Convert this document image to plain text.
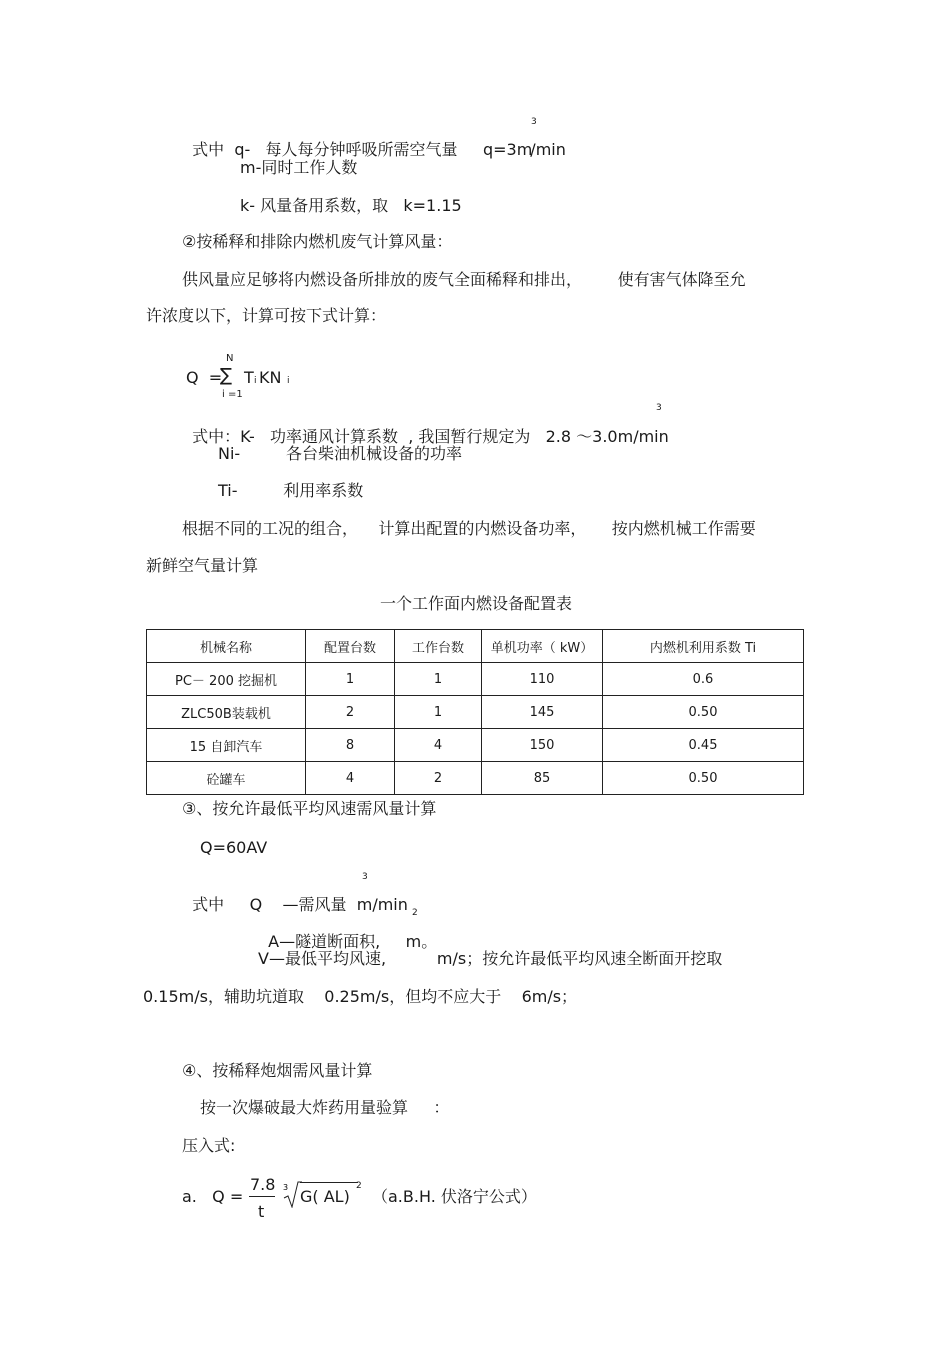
式中  q-   每人每分钟呼吸所需空气量     q=3m/min

3
m-同时工作人数
k- 风量备用系数，取   k=1.15
②按稀释和排除内燃机废气计算风量：
供风量应足够将内燃设备所排放的废气全面稀释和排出，       使有害气体降至允
许浓度以下，计算可按下式计算：
Q  =
N
∑
i =1
T i KN i

式中：K-   功率通风计算系数  , 我国暂行规定为   2.8 ～3.0m/min

3
Ni-         各台柴油机械设备的功率
Ti-         利用率系数
根据不同的工况的组合，    计算出配置的内燃设备功率，     按内燃机械工作需要
新鲜空气量计算
一个工作面内燃设备配置表
机械名称	配置台数	工作台数	单机功率（ kW）	内燃机利用系数 Ti
PC－ 200 挖掘机	1	1	110	0.6
ZLC50B装载机	2	1	145	0.50
15 自卸汽车	8	4	150	0.45
砼罐车	4	2	85	0.50
③、按允许最低平均风速需风量计算
Q=60AV

式中     Q    —需风量  m/min

3

A—隧道断面积,     m。

2
V—最低平均风速,          m/s；按允许最低平均风速全断面开挖取
0.15m/s，辅助坑道取    0.25m/s，但均不应大于    6m/s；
④、按稀释炮烟需风量计算
按一次爆破最大炸药用量验算     ：
压入式:
a.   Q =
7.8
t
3 G( AL)
2
（a.B.H. 伏洛宁公式）
